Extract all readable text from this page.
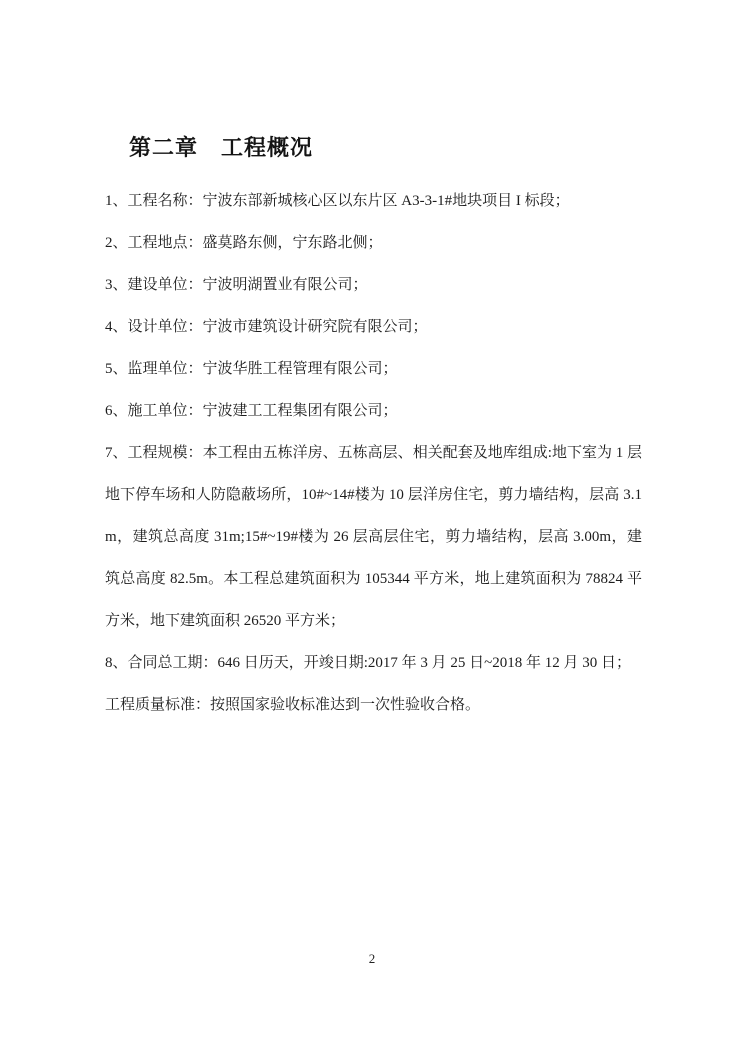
第二章　工程概况

1、工程名称：宁波东部新城核心区以东片区 A3-3-1#地块项目 I 标段；

2、工程地点：盛莫路东侧，宁东路北侧；

3、建设单位：宁波明湖置业有限公司；

4、设计单位：宁波市建筑设计研究院有限公司；

5、监理单位：宁波华胜工程管理有限公司；

6、施工单位：宁波建工工程集团有限公司；

7、工程规模：本工程由五栋洋房、五栋高层、相关配套及地库组成:地下室为 1 层地下停车场和人防隐蔽场所，10#~14#楼为 10 层洋房住宅，剪力墙结构，层高 3.1m，建筑总高度 31m;15#~19#楼为 26 层高层住宅，剪力墙结构，层高 3.00m，建筑总高度 82.5m。本工程总建筑面积为 105344 平方米，地上建筑面积为 78824 平方米，地下建筑面积 26520 平方米；

8、合同总工期：646 日历天，开竣日期:2017 年 3 月 25 日~2018 年 12 月 30 日；

工程质量标准：按照国家验收标准达到一次性验收合格。

2
